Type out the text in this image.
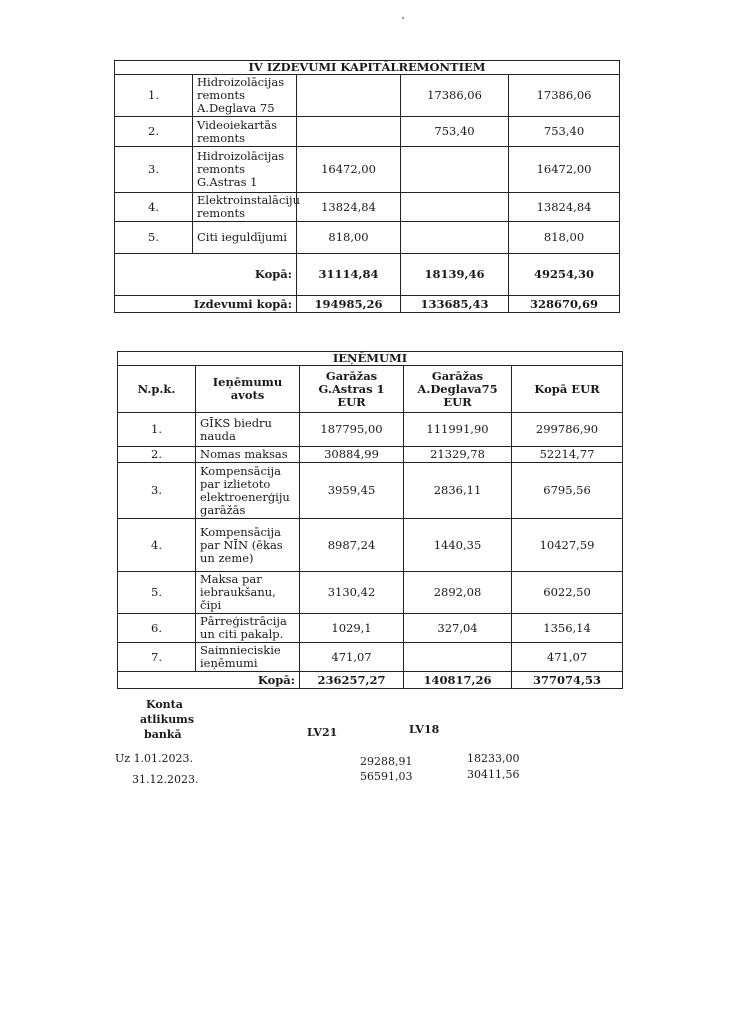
IV IZDEVUMI KAPITĀLREMONTIEM				
1.	Hidroizolācijas remonts A.Deglava 75		17386,06	17386,06
2.	Videoiekartās remonts		753,40	753,40
3.	Hidroizolācijas remonts G.Astras 1	16472,00		16472,00
4.	Elektroinstalāciju remonts	13824,84		13824,84
5.	Citi ieguldījumi	818,00		818,00
Kopā:		31114,84	18139,46	49254,30
Izdevumi kopā:		194985,26	133685,43	328670,69
IEŅĒMUMI				
N.p.k.	Ieņēmumu avots	Garāžas G.Astras 1 EUR	Garāžas A.Deglava75 EUR	Kopā EUR
1.	GĪKS biedru nauda	187795,00	111991,90	299786,90
2.	Nomas maksas	30884,99	21329,78	52214,77
3.	Kompensācija par izlietoto elektroenerģiju garāžās	3959,45	2836,11	6795,56
4.	Kompensācija par NĪN (ēkas un zeme)	8987,24	1440,35	10427,59
5.	Maksa par iebraukšanu, čipi	3130,42	2892,08	6022,50
6.	Pārreģistrācija un citi pakalp.	1029,1	327,04	1356,14
7.	Saimnieciskie ieņēmumi	471,07		471,07
Kopā:		236257,27	140817,26	377074,53
Konta
atlikums
bankā	LV21	LV18
Uz 1.01.2023.	29288,91	18233,00
31.12.2023.	56591,03	30411,56
